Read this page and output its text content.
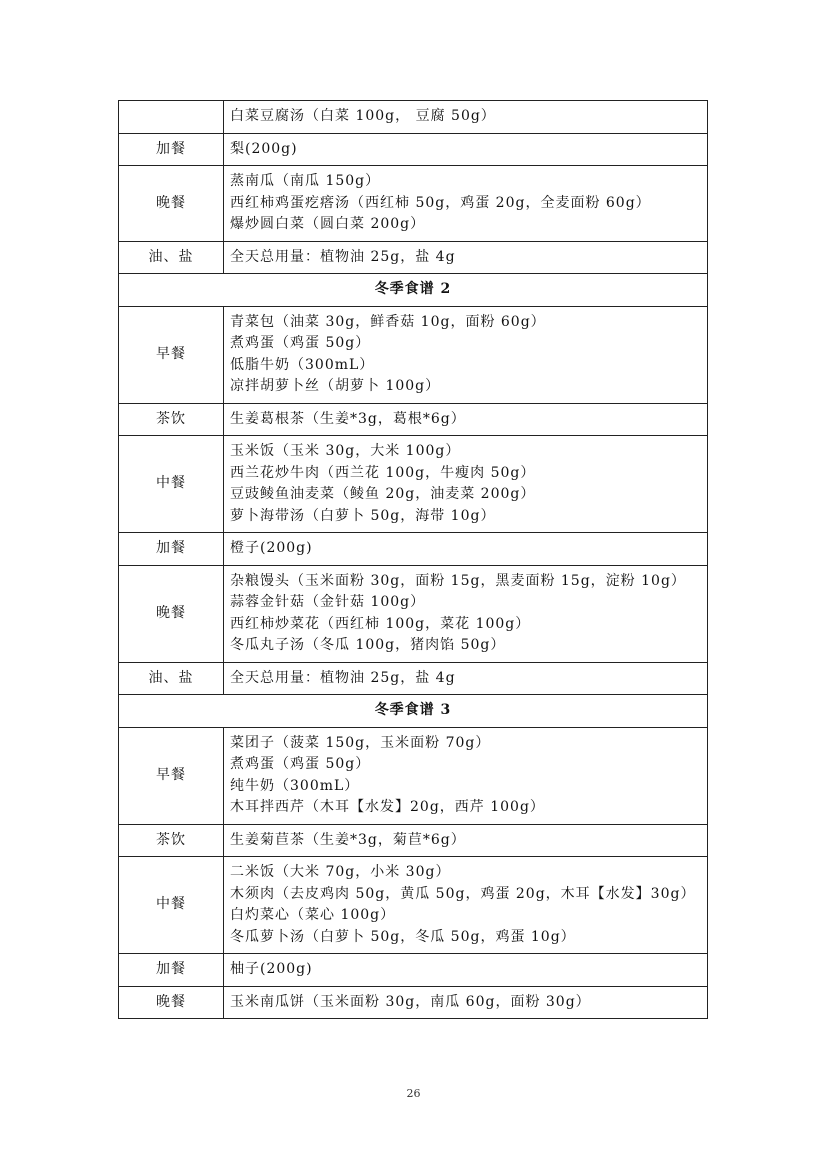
	白菜豆腐汤（白菜 100g， 豆腐 50g）

加餐	梨(200g)

晚餐	蒸南瓜（南瓜 150g）
西红柿鸡蛋疙瘩汤（西红柿 50g，鸡蛋 20g，全麦面粉 60g）
爆炒圆白菜（圆白菜 200g）

油、盐	全天总用量：植物油 25g，盐 4g

冬季食谱 2	
早餐	青菜包（油菜 30g，鲜香菇 10g，面粉 60g）
煮鸡蛋（鸡蛋 50g）
低脂牛奶（300mL）
凉拌胡萝卜丝（胡萝卜 100g）

茶饮	生姜葛根茶（生姜*3g，葛根*6g）

中餐	玉米饭（玉米 30g，大米 100g）
西兰花炒牛肉（西兰花 100g，牛瘦肉 50g）
豆豉鲮鱼油麦菜（鲮鱼 20g，油麦菜 200g）
萝卜海带汤（白萝卜 50g，海带 10g）

加餐	橙子(200g)

晚餐	杂粮馒头（玉米面粉 30g，面粉 15g，黑麦面粉 15g，淀粉 10g）
蒜蓉金针菇（金针菇 100g）
西红柿炒菜花（西红柿 100g，菜花 100g）
冬瓜丸子汤（冬瓜 100g，猪肉馅 50g）

油、盐	全天总用量：植物油 25g，盐 4g

冬季食谱 3	
早餐	菜团子（菠菜 150g，玉米面粉 70g）
煮鸡蛋（鸡蛋 50g）
纯牛奶（300mL）
木耳拌西芹（木耳【水发】20g，西芹 100g）

茶饮	生姜菊苣茶（生姜*3g，菊苣*6g）

中餐	二米饭（大米 70g，小米 30g）
木须肉（去皮鸡肉 50g，黄瓜 50g，鸡蛋 20g，木耳【水发】30g）
白灼菜心（菜心 100g）
冬瓜萝卜汤（白萝卜 50g，冬瓜 50g，鸡蛋 10g）

加餐	柚子(200g)

晚餐	玉米南瓜饼（玉米面粉 30g，南瓜 60g，面粉 30g）
26
